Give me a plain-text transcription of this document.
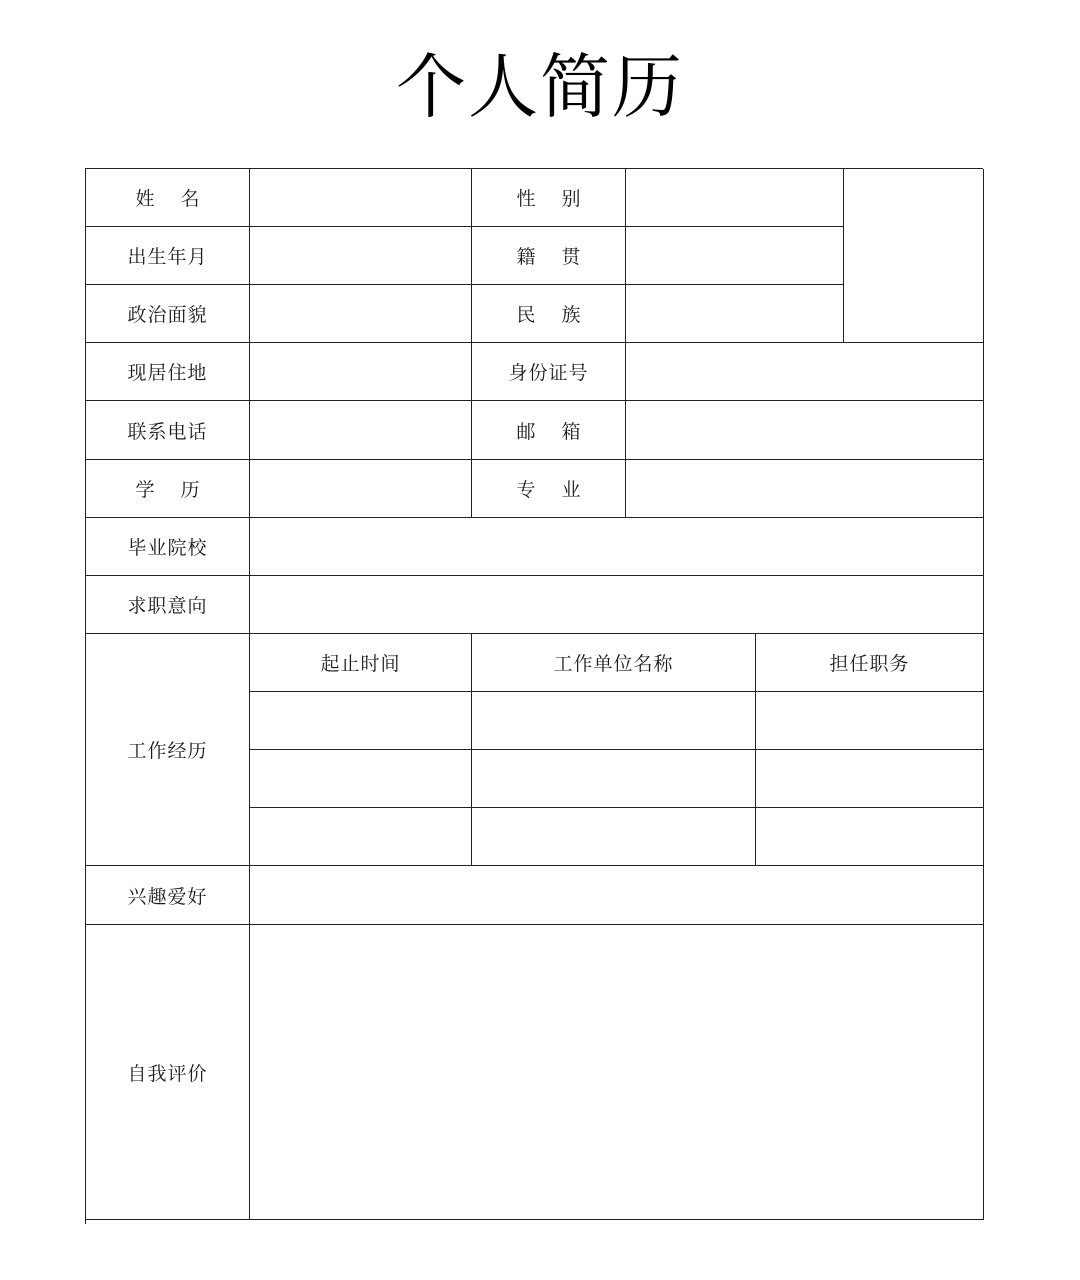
个人简历
姓名	性别
出生年月	籍贯
政治面貌	民族
现居住地	身份证号
联系电话	邮箱
学历	专业
毕业院校
求职意向
工作经历
起止时间	工作单位名称	担任职务
兴趣爱好
自我评价
